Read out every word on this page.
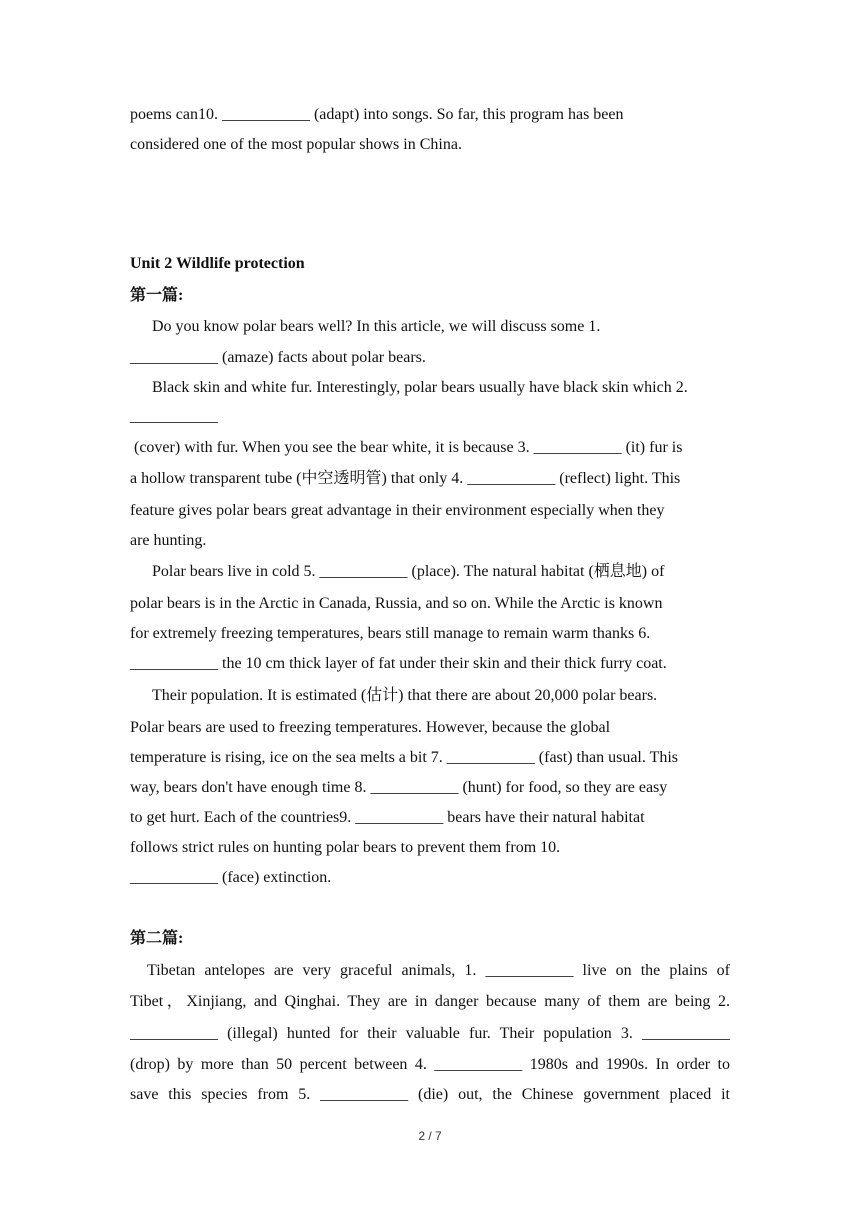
poems can10. ___________ (adapt) into songs. So far, this program has been
considered one of the most popular shows in China.
Unit 2 Wildlife protection
第一篇:
Do you know polar bears well? In this article, we will discuss some 1.
___________ (amaze) facts about polar bears.
Black skin and white fur. Interestingly, polar bears usually have black skin which 2.
___________
(cover) with fur. When you see the bear white, it is because 3. ___________ (it) fur is
a hollow transparent tube (中空透明管) that only 4. ___________ (reflect) light. This
feature gives polar bears great advantage in their environment especially when they
are hunting.
Polar bears live in cold 5. ___________ (place). The natural habitat (栖息地) of
polar bears is in the Arctic in Canada, Russia, and so on. While the Arctic is known
for extremely freezing temperatures, bears still manage to remain warm thanks 6.
___________ the 10 cm thick layer of fat under their skin and their thick furry coat.
Their population. It is estimated (估计) that there are about 20,000 polar bears.
Polar bears are used to freezing temperatures. However, because the global
temperature is rising, ice on the sea melts a bit 7. ___________ (fast) than usual. This
way, bears don't have enough time 8. ___________ (hunt) for food, so they are easy
to get hurt. Each of the countries9. ___________ bears have their natural habitat
follows strict rules on hunting polar bears to prevent them from 10.
___________ (face) extinction.
第二篇:
Tibetan antelopes are very graceful animals, 1. ___________ live on the plains of
Tibet，Xinjiang, and Qinghai. They are in danger because many of them are being 2.
___________ (illegal) hunted for their valuable fur. Their population 3. ___________
(drop) by more than 50 percent between 4. ___________ 1980s and 1990s. In order to
save this species from 5. ___________ (die) out, the Chinese government placed it
2 / 7
